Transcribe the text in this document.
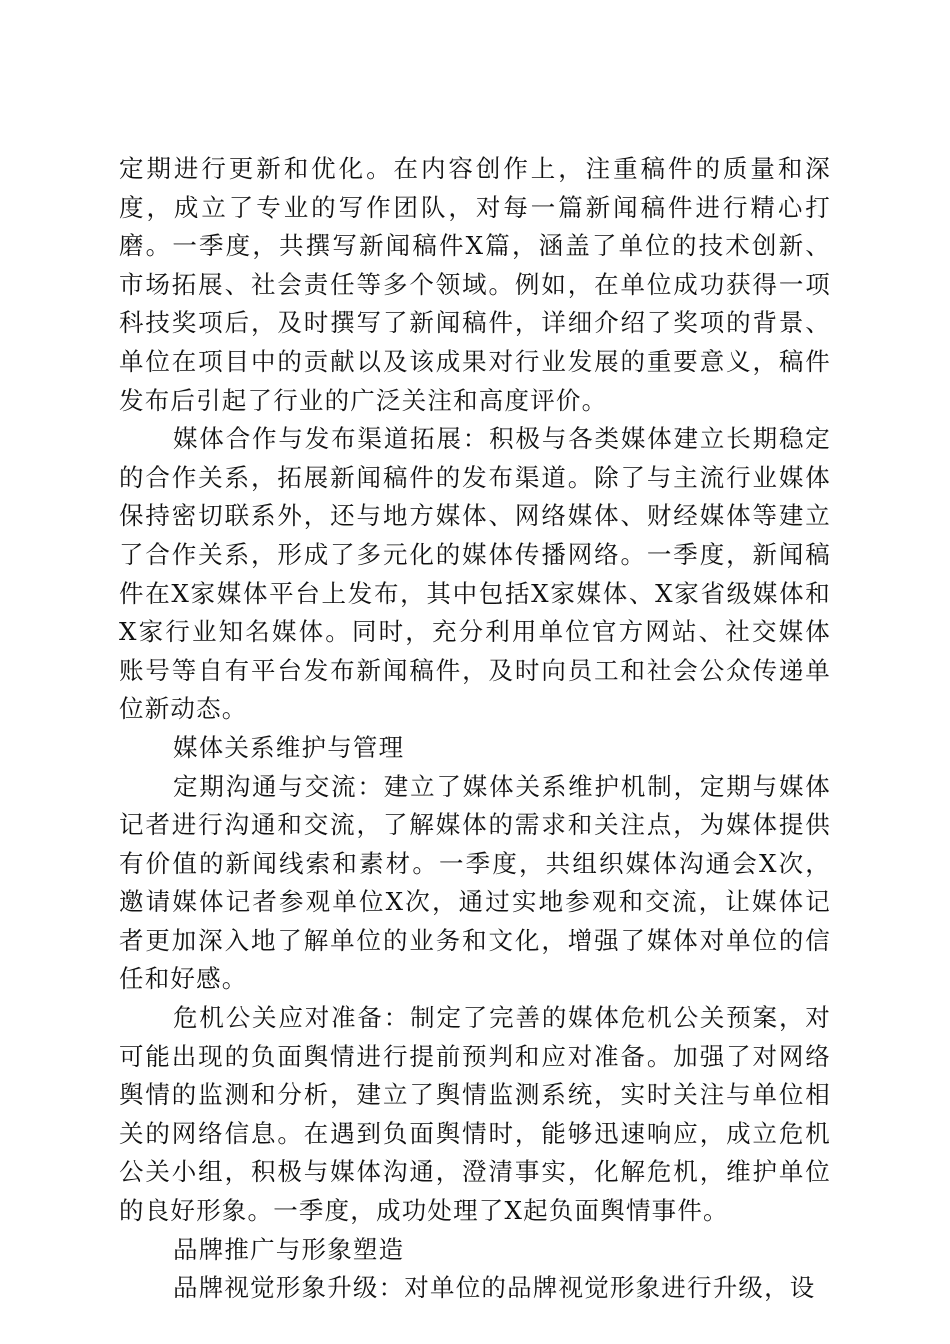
定期进行更新和优化。在内容创作上，注重稿件的质量和深度，成立了专业的写作团队，对每一篇新闻稿件进行精心打磨。一季度，共撰写新闻稿件X篇，涵盖了单位的技术创新、市场拓展、社会责任等多个领域。例如，在单位成功获得一项科技奖项后，及时撰写了新闻稿件，详细介绍了奖项的背景、单位在项目中的贡献以及该成果对行业发展的重要意义，稿件发布后引起了行业的广泛关注和高度评价。

媒体合作与发布渠道拓展：积极与各类媒体建立长期稳定的合作关系，拓展新闻稿件的发布渠道。除了与主流行业媒体保持密切联系外，还与地方媒体、网络媒体、财经媒体等建立了合作关系，形成了多元化的媒体传播网络。一季度，新闻稿件在X家媒体平台上发布，其中包括X家媒体、X家省级媒体和X家行业知名媒体。同时，充分利用单位官方网站、社交媒体账号等自有平台发布新闻稿件，及时向员工和社会公众传递单位新动态。

媒体关系维护与管理

定期沟通与交流：建立了媒体关系维护机制，定期与媒体记者进行沟通和交流，了解媒体的需求和关注点，为媒体提供有价值的新闻线索和素材。一季度，共组织媒体沟通会X次，邀请媒体记者参观单位X次，通过实地参观和交流，让媒体记者更加深入地了解单位的业务和文化，增强了媒体对单位的信任和好感。

危机公关应对准备：制定了完善的媒体危机公关预案，对可能出现的负面舆情进行提前预判和应对准备。加强了对网络舆情的监测和分析，建立了舆情监测系统，实时关注与单位相关的网络信息。在遇到负面舆情时，能够迅速响应，成立危机公关小组，积极与媒体沟通，澄清事实，化解危机，维护单位的良好形象。一季度，成功处理了X起负面舆情事件。

品牌推广与形象塑造

品牌视觉形象升级：对单位的品牌视觉形象进行升级，设
